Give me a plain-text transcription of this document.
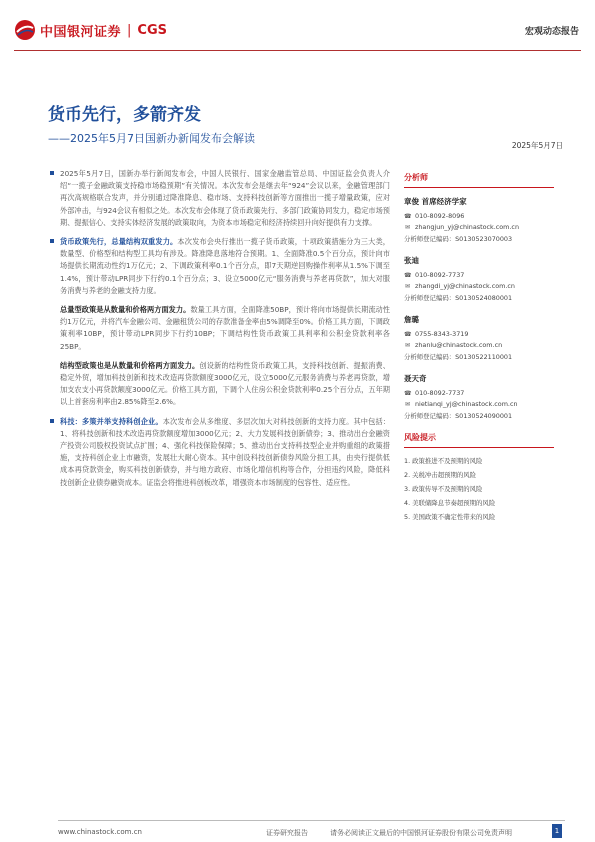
中国银河证券 | CGS	宏观动态报告
货币先行，多箭齐发
——2025年5月7日国新办新闻发布会解读
2025年5月7日
2025年5月7日，国新办举行新闻发布会，中国人民银行、国家金融监管总局、中国证监会负责人介绍“一揽子金融政策支持稳市场稳预期”有关情况。本次发布会是继去年“924”会议以来，金融管理部门再次高规格联合发声，并分别通过降准降息、稳市场、支持科技创新等方面推出一揽子增量政策，应对外部冲击，与924会议有相似之处。本次发布会体现了货币政策先行、多部门政策协同发力，稳定市场预期、提振信心、支持实体经济发展的政策取向，为资本市场稳定和经济持续回升向好提供有力支撑。
货币政策先行，总量结构双重发力。本次发布会央行推出一揽子货币政策，十项政策措施分为三大类，数量型、价格型和结构型工具均有涉及。降准降息落地符合预期。1、全面降准0.5个百分点，预计向市场提供长期流动性约1万亿元；2、下调政策利率0.1个百分点，即7天期逆回购操作利率从1.5%下调至1.4%，预计带动LPR同步下行约0.1个百分点；3、设立5000亿元“服务消费与养老再贷款”，加大对服务消费与养老的金融支持力度。
总量型政策是从数量和价格两方面发力。数量工具方面，全面降准50BP，预计将向市场提供长期流动性约1万亿元，并将汽车金融公司、金融租赁公司的存款准备金率由5%调降至0%。价格工具方面，下调政策利率10BP，预计带动LPR同步下行约10BP；下调结构性货币政策工具利率和公积金贷款利率各25BP。
结构型政策也是从数量和价格两方面发力。创设新的结构性货币政策工具，支持科技创新、提振消费、稳定外贸，增加科技创新和技术改造再贷款额度3000亿元，设立5000亿元服务消费与养老再贷款，增加支农支小再贷款额度3000亿元。价格工具方面，下调个人住房公积金贷款利率0.25个百分点，五年期以上首套房利率由2.85%降至2.6%。
科技：多策并举支持科创企业。本次发布会从多维度、多层次加大对科技创新的支持力度。其中包括：1、将科技创新和技术改造再贷款额度增加3000亿元；2、大力发展科技创新债券；3、推动出台金融资产投资公司股权投资试点扩围；4、强化科技保险保障；5、推动出台支持科技型企业并购重组的政策措施，支持科创企业上市融资，发展壮大耐心资本。其中创设科技创新债券风险分担工具，由央行提供低成本再贷款资金，购买科技创新债券，并与地方政府、市场化增信机构等合作，分担违约风险，降低科技创新企业债券融资成本。证监会将推进科创板改革，增强资本市场制度的包容性、适应性。
分析师
章俊 首席经济学家
☎ 010-8092-8096
✉ zhangjun_yj@chinastock.com.cn
分析师登记编码：S0130523070003
张迪
☎ 010-8092-7737
✉ zhangdi_yj@chinastock.com.cn
分析师登记编码：S0130524080001
詹璐
☎ 0755-8343-3719
✉ zhanlu@chinastock.com.cn
分析师登记编码：S0130522110001
聂天奇
☎ 010-8092-7737
✉ nietianqi_yj@chinastock.com.cn
分析师登记编码：S0130524090001
风险提示
1. 政策推进不及预期的风险
2. 关税冲击超预期的风险
3. 政策传导不及预期的风险
4. 美联储降息节奏超预期的风险
5. 美国政策不确定性带来的风险
www.chinastock.com.cn	证券研究报告	请务必阅读正文最后的中国银河证券股份有限公司免责声明	1
